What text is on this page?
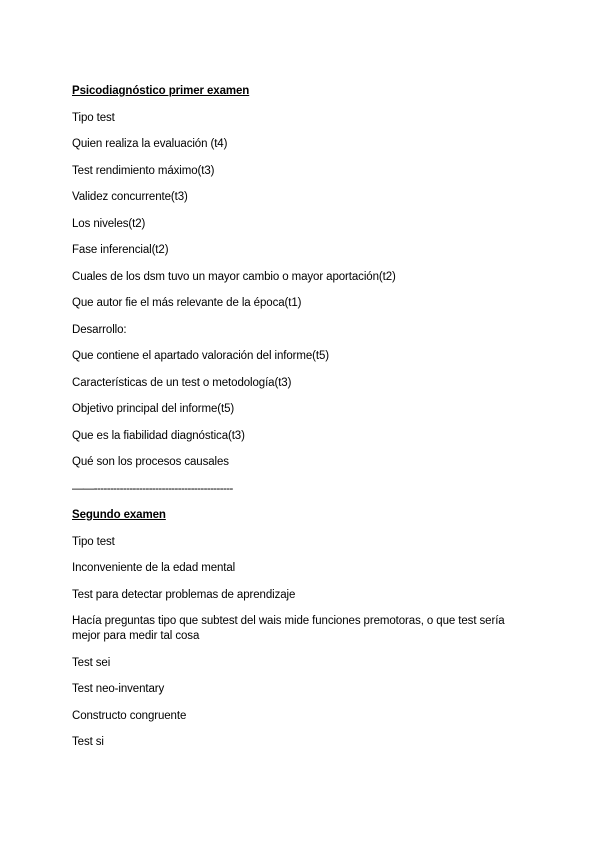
Psicodiagnóstico primer examen
Tipo test
Quien realiza la evaluación (t4)
Test rendimiento máximo(t3)
Validez concurrente(t3)
Los niveles(t2)
Fase inferencial(t2)
Cuales de los dsm tuvo un mayor cambio o mayor aportación(t2)
Que autor fie el más relevante de la época(t1)
Desarrollo:
Que contiene el apartado valoración del informe(t5)
Características de un test o metodología(t3)
Objetivo principal del informe(t5)
Que es la fiabilidad diagnóstica(t3)
Qué son los procesos causales
——-------------------------------------------
Segundo examen
Tipo test
Inconveniente de la edad mental
Test para detectar problemas de aprendizaje
Hacía preguntas tipo que subtest del wais mide funciones premotoras, o que test sería mejor para medir tal cosa
Test sei
Test neo-inventary
Constructo congruente
Test si
